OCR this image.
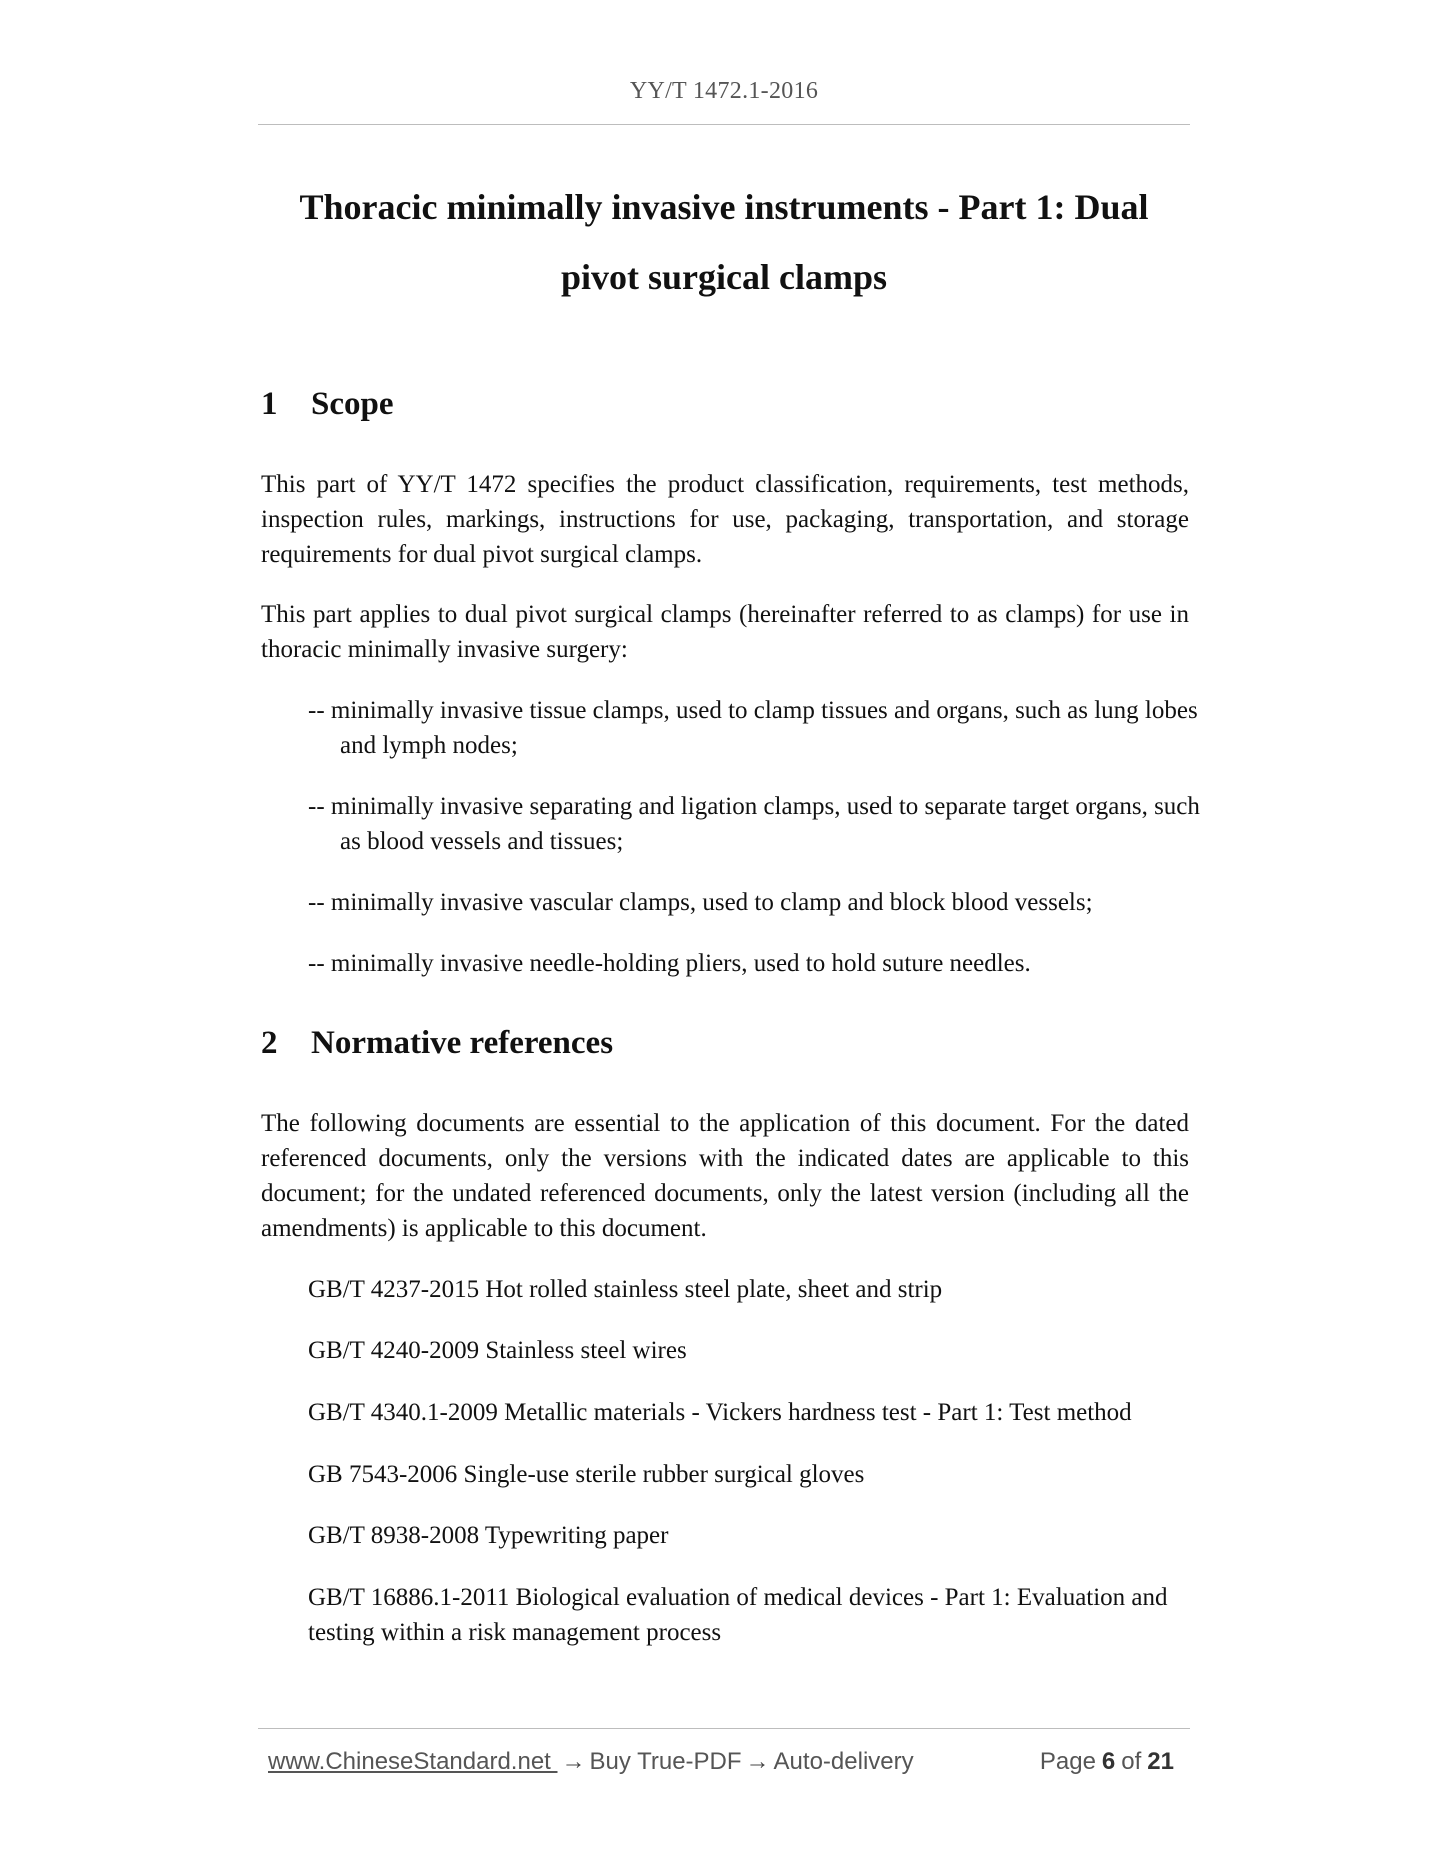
YY/T 1472.1-2016
Thoracic minimally invasive instruments - Part 1: Dual
pivot surgical clamps
1 Scope

This part of YY/T 1472 specifies the product classification, requirements, test methods, inspection rules, markings, instructions for use, packaging, transportation, and storage requirements for dual pivot surgical clamps.

This part applies to dual pivot surgical clamps (hereinafter referred to as clamps) for use in thoracic minimally invasive surgery:

-- minimally invasive tissue clamps, used to clamp tissues and organs, such as lung lobes and lymph nodes;

-- minimally invasive separating and ligation clamps, used to separate target organs, such as blood vessels and tissues;

-- minimally invasive vascular clamps, used to clamp and block blood vessels;

-- minimally invasive needle-holding pliers, used to hold suture needles.

2 Normative references

The following documents are essential to the application of this document. For the dated referenced documents, only the versions with the indicated dates are applicable to this document; for the undated referenced documents, only the latest version (including all the amendments) is applicable to this document.

GB/T 4237-2015 Hot rolled stainless steel plate, sheet and strip

GB/T 4240-2009 Stainless steel wires

GB/T 4340.1-2009 Metallic materials - Vickers hardness test - Part 1: Test method

GB 7543-2006 Single-use sterile rubber surgical gloves

GB/T 8938-2008 Typewriting paper

GB/T 16886.1-2011 Biological evaluation of medical devices - Part 1: Evaluation and testing within a risk management process

www.ChineseStandard.net → Buy True-PDF → Auto-delivery	Page 6 of 21
